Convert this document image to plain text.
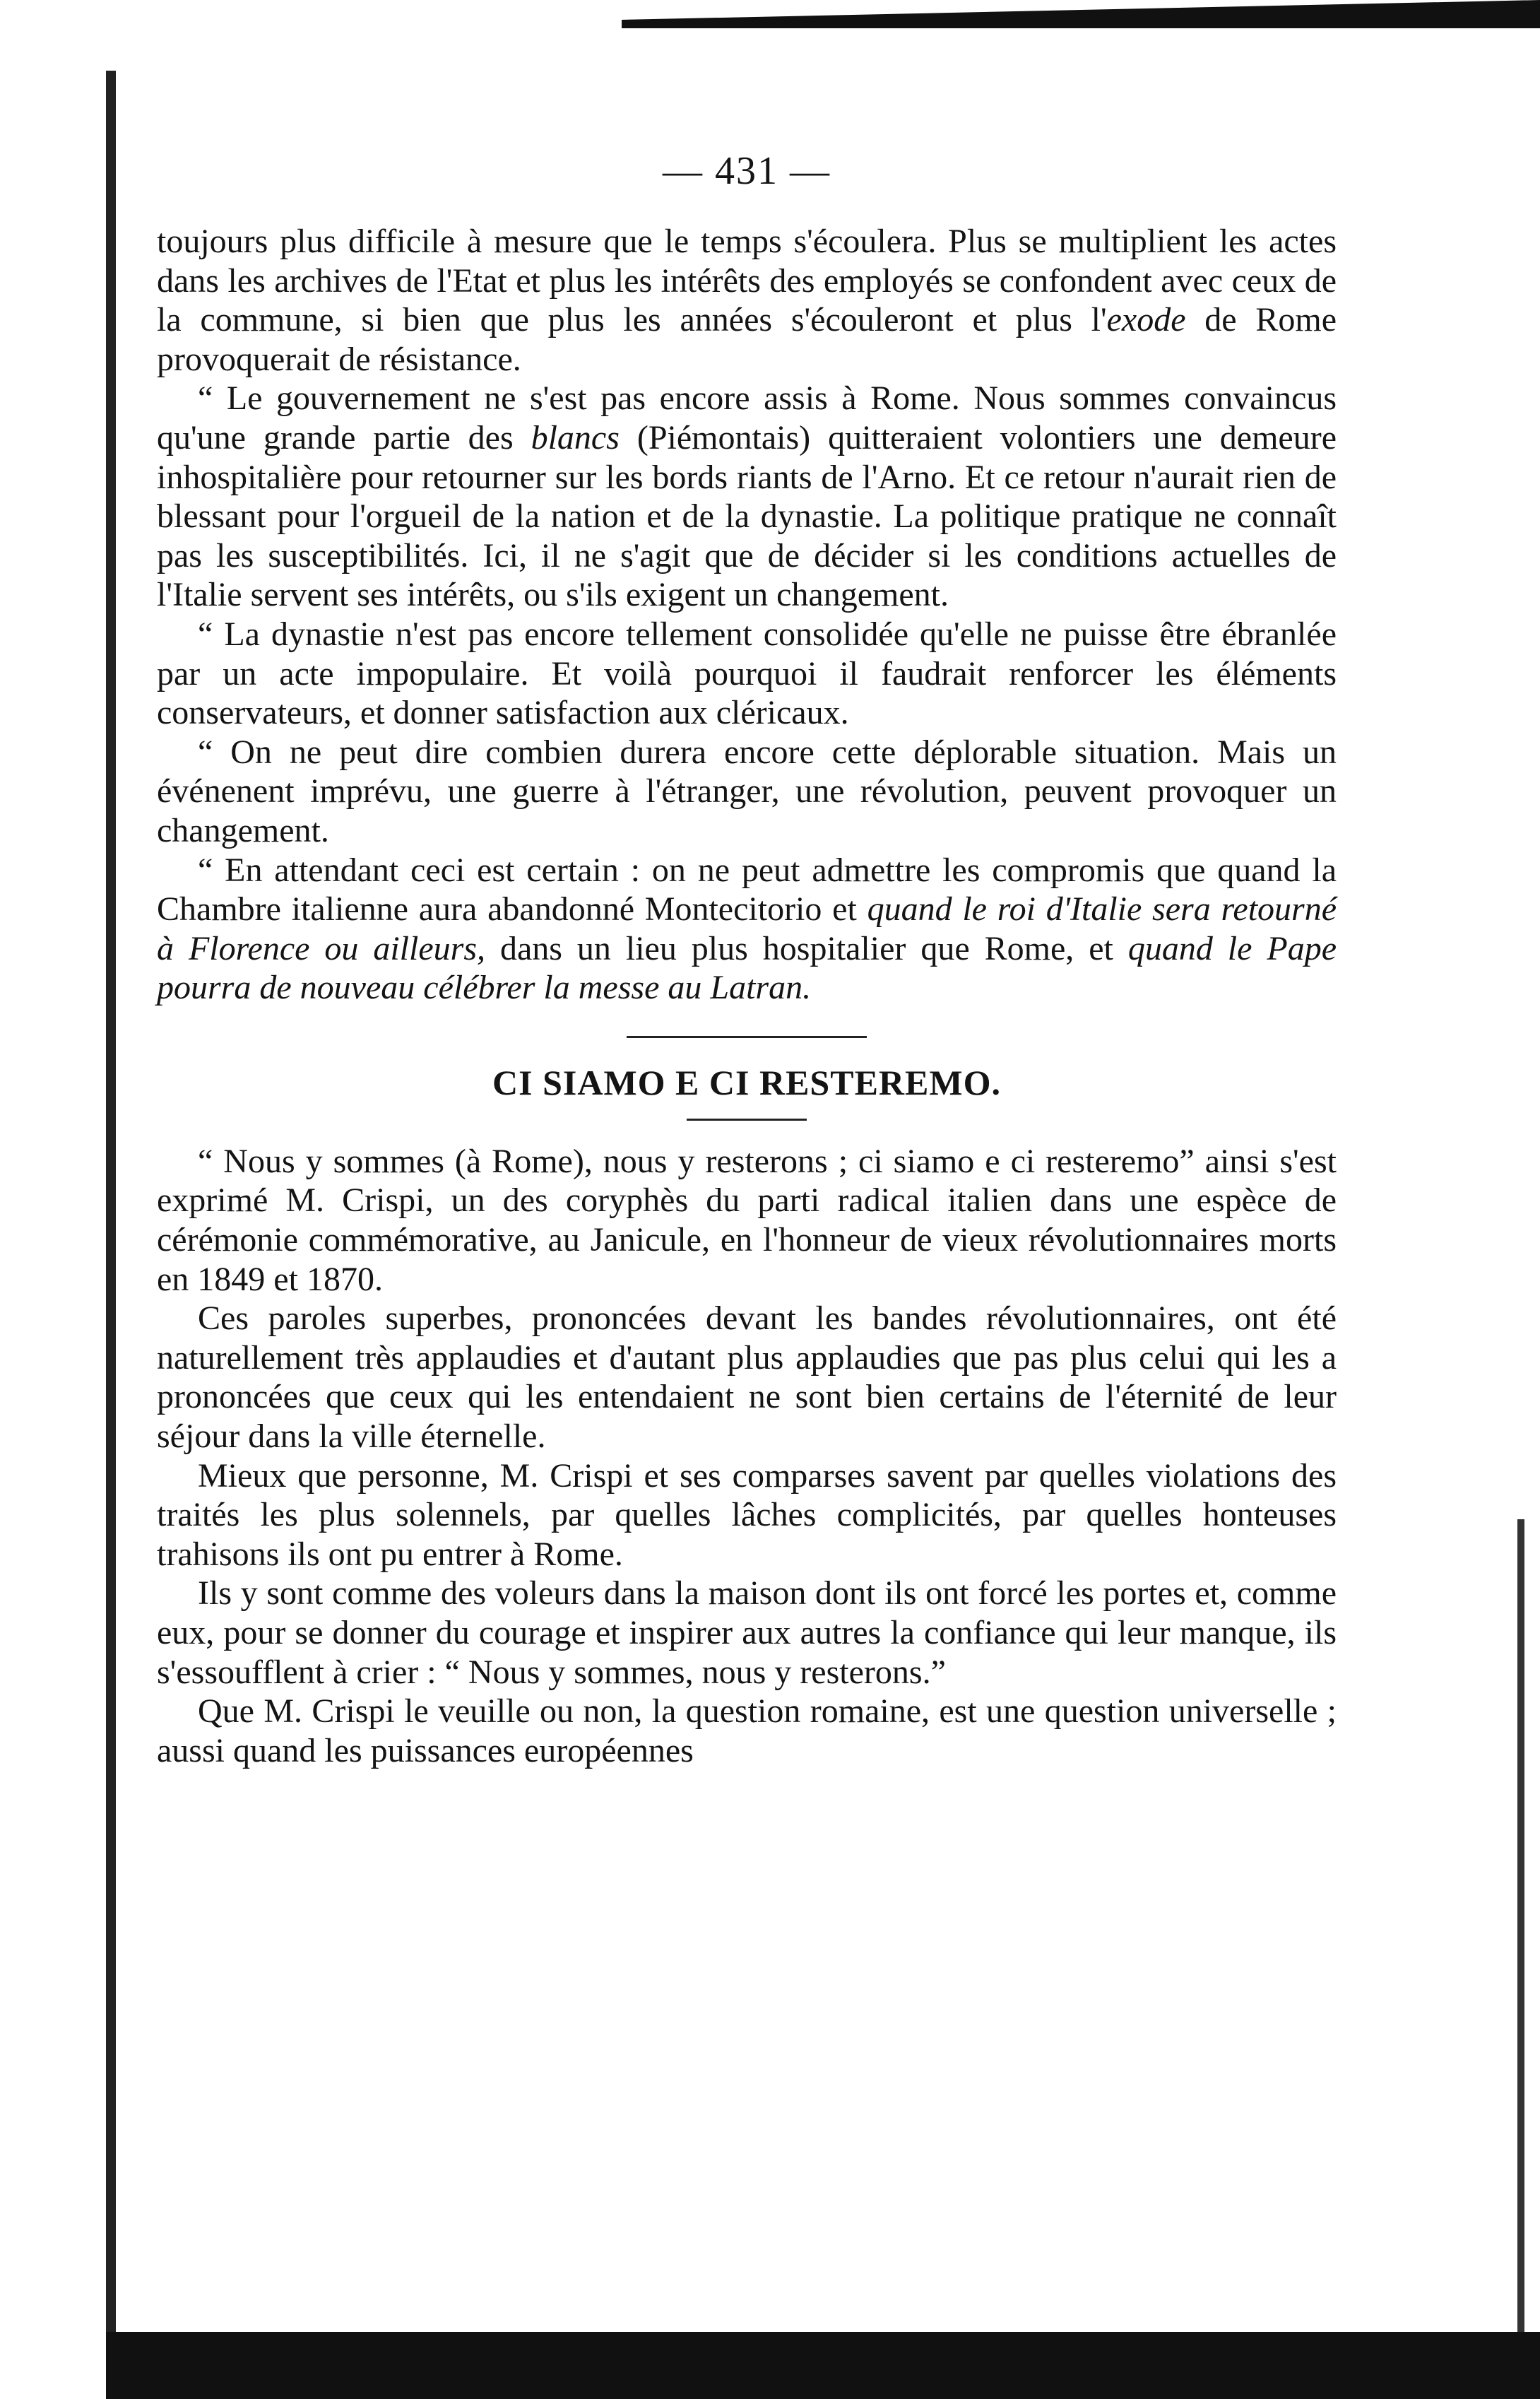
— 431 —

toujours plus difficile à mesure que le temps s'écoulera. Plus se multiplient les actes dans les archives de l'Etat et plus les intérêts des employés se confondent avec ceux de la commune, si bien que plus les années s'écouleront et plus l'exode de Rome provoquerait de résistance.

“ Le gouvernement ne s'est pas encore assis à Rome. Nous sommes convaincus qu'une grande partie des blancs (Piémontais) quitteraient volontiers une demeure inhospitalière pour retourner sur les bords riants de l'Arno. Et ce retour n'aurait rien de blessant pour l'orgueil de la nation et de la dynastie. La politique pratique ne connaît pas les susceptibilités. Ici, il ne s'agit que de décider si les conditions actuelles de l'Italie servent ses intérêts, ou s'ils exigent un changement.

“ La dynastie n'est pas encore tellement consolidée qu'elle ne puisse être ébranlée par un acte impopulaire. Et voilà pourquoi il faudrait renforcer les éléments conservateurs, et donner satisfaction aux cléricaux.

“ On ne peut dire combien durera encore cette déplorable situation. Mais un événenent imprévu, une guerre à l'étranger, une révolution, peuvent provoquer un changement.

“ En attendant ceci est certain : on ne peut admettre les compromis que quand la Chambre italienne aura abandonné Montecitorio et quand le roi d'Italie sera retourné à Florence ou ailleurs, dans un lieu plus hospitalier que Rome, et quand le Pape pourra de nouveau célébrer la messe au Latran.

CI SIAMO E CI RESTEREMO.

“ Nous y sommes (à Rome), nous y resterons ; ci siamo e ci resteremo” ainsi s'est exprimé M. Crispi, un des coryphès du parti radical italien dans une espèce de cérémonie commémorative, au Janicule, en l'honneur de vieux révolutionnaires morts en 1849 et 1870.

Ces paroles superbes, prononcées devant les bandes révolutionnaires, ont été naturellement très applaudies et d'autant plus applaudies que pas plus celui qui les a prononcées que ceux qui les entendaient ne sont bien certains de l'éternité de leur séjour dans la ville éternelle.

Mieux que personne, M. Crispi et ses comparses savent par quelles violations des traités les plus solennels, par quelles lâches complicités, par quelles honteuses trahisons ils ont pu entrer à Rome.

Ils y sont comme des voleurs dans la maison dont ils ont forcé les portes et, comme eux, pour se donner du courage et inspirer aux autres la confiance qui leur manque, ils s'essoufflent à crier : “ Nous y sommes, nous y resterons.”

Que M. Crispi le veuille ou non, la question romaine, est une question universelle ; aussi quand les puissances européennes
